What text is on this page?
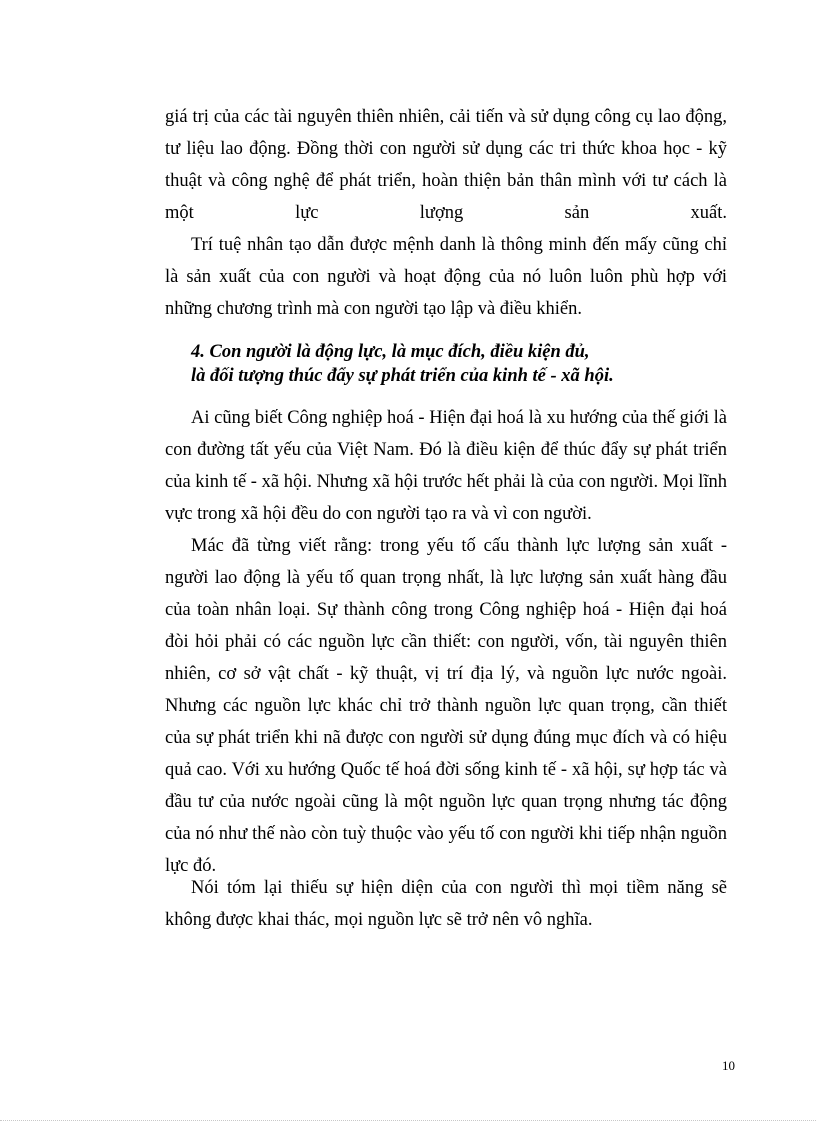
giá trị của các tài nguyên thiên nhiên, cải tiến và sử dụng công cụ lao động, tư liệu lao động. Đồng thời con người sử dụng các tri thức khoa học - kỹ thuật và công nghệ để phát triển, hoàn thiện bản thân mình với tư cách là một lực lượng sản xuất.

Trí tuệ nhân tạo dẫn được mệnh danh là thông minh đến mấy cũng chỉ là sản xuất của con người và hoạt động của nó luôn luôn phù hợp với những chương trình mà con người tạo lập và điều khiển.

4. Con người là động lực, là mục đích, điều kiện đủ,
là đối tượng thúc đẩy sự phát triển của kinh tế - xã hội.

Ai cũng biết Công nghiệp hoá - Hiện đại hoá là xu hướng của thế giới là con đường tất yếu của Việt Nam. Đó là điều kiện để thúc đẩy sự phát triển của kinh tế - xã hội. Nhưng xã hội trước hết phải là của con người. Mọi lĩnh vực trong xã hội đều do con người tạo ra và vì con người.

Mác đã từng viết rằng: trong yếu tố cấu thành lực lượng sản xuất - người lao động là yếu tố quan trọng nhất, là lực lượng sản xuất hàng đầu của toàn nhân loại. Sự thành công trong Công nghiệp hoá - Hiện đại hoá đòi hỏi phải có các nguồn lực cần thiết: con người, vốn, tài nguyên thiên nhiên, cơ sở vật chất - kỹ thuật, vị trí địa lý, và nguồn lực nước ngoài. Nhưng các nguồn lực khác chỉ trở thành nguồn lực quan trọng, cần thiết của sự phát triển khi nã được con người sử dụng đúng mục đích và có hiệu quả cao. Với xu hướng Quốc tế hoá đời sống kinh tế - xã hội, sự hợp tác và đầu tư của nước ngoài cũng là một nguồn lực quan trọng nhưng tác động của nó như thế nào còn tuỳ thuộc vào yếu tố con người khi tiếp nhận nguồn lực đó.

Nói tóm lại thiếu sự hiện diện của con người thì mọi tiềm năng sẽ không được khai thác, mọi nguồn lực sẽ trở nên vô nghĩa.

10
